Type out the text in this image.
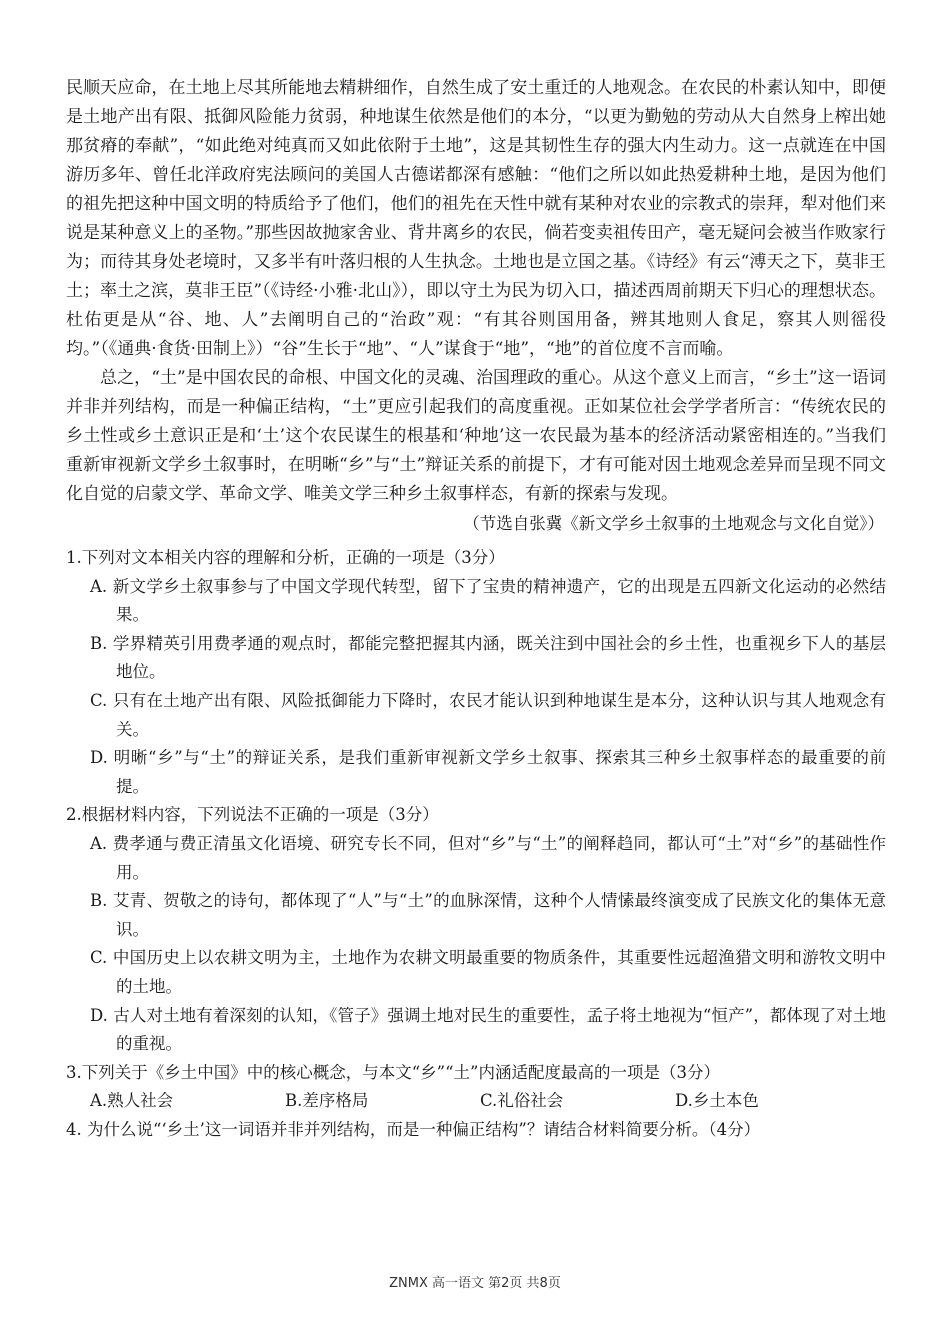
民顺天应命，在土地上尽其所能地去精耕细作，自然生成了安土重迁的人地观念。在农民的朴素认知中，即便是土地产出有限、抵御风险能力贫弱，种地谋生依然是他们的本分，“以更为勤勉的劳动从大自然身上榨出她那贫瘠的奉献”，“如此绝对纯真而又如此依附于土地”，这是其韧性生存的强大内生动力。这一点就连在中国游历多年、曾任北洋政府宪法顾问的美国人古德诺都深有感触：“他们之所以如此热爱耕种土地，是因为他们的祖先把这种中国文明的特质给予了他们，他们的祖先在天性中就有某种对农业的宗教式的崇拜，犁对他们来说是某种意义上的圣物。”那些因故抛家舍业、背井离乡的农民，倘若变卖祖传田产，毫无疑问会被当作败家行为；而待其身处老境时，又多半有叶落归根的人生执念。土地也是立国之基。《诗经》有云“溥天之下，莫非王土；率土之滨，莫非王臣”（《诗经·小雅·北山》），即以守土为民为切入口，描述西周前期天下归心的理想状态。杜佑更是从“谷、地、人”去阐明自己的“治政”观：“有其谷则国用备，辨其地则人食足，察其人则徭役均。”（《通典·食货·田制上》）“谷”生长于“地”、“人”谋食于“地”，“地”的首位度不言而喻。

总之，“土”是中国农民的命根、中国文化的灵魂、治国理政的重心。从这个意义上而言，“乡土”这一语词并非并列结构，而是一种偏正结构，“土”更应引起我们的高度重视。正如某位社会学学者所言：“传统农民的乡土性或乡土意识正是和‘土’这个农民谋生的根基和‘种地’这一农民最为基本的经济活动紧密相连的。”当我们重新审视新文学乡土叙事时，在明晰“乡”与“土”辩证关系的前提下，才有可能对因土地观念差异而呈现不同文化自觉的启蒙文学、革命文学、唯美文学三种乡土叙事样态，有新的探索与发现。

（节选自张冀《新文学乡土叙事的土地观念与文化自觉》）

1.下列对文本相关内容的理解和分析，正确的一项是（3分）

A. 新文学乡土叙事参与了中国文学现代转型，留下了宝贵的精神遗产，它的出现是五四新文化运动的必然结果。

B. 学界精英引用费孝通的观点时，都能完整把握其内涵，既关注到中国社会的乡土性，也重视乡下人的基层地位。

C. 只有在土地产出有限、风险抵御能力下降时，农民才能认识到种地谋生是本分，这种认识与其人地观念有关。

D. 明晰“乡”与“土”的辩证关系，是我们重新审视新文学乡土叙事、探索其三种乡土叙事样态的最重要的前提。

2.根据材料内容，下列说法不正确的一项是（3分）

A. 费孝通与费正清虽文化语境、研究专长不同，但对“乡”与“土”的阐释趋同，都认可“土”对“乡”的基础性作用。

B. 艾青、贺敬之的诗句，都体现了“人”与“土”的血脉深情，这种个人情愫最终演变成了民族文化的集体无意识。

C. 中国历史上以农耕文明为主，土地作为农耕文明最重要的物质条件，其重要性远超渔猎文明和游牧文明中的土地。

D. 古人对土地有着深刻的认知，《管子》强调土地对民生的重要性，孟子将土地视为“恒产”，都体现了对土地的重视。

3.下列关于《乡土中国》中的核心概念，与本文“乡”“土”内涵适配度最高的一项是（3分）

A.熟人社会	B.差序格局	C.礼俗社会	D.乡土本色

4. 为什么说“‘乡土’这一词语并非并列结构，而是一种偏正结构”？请结合材料简要分析。（4分）

ZNMX 高一语文 第2页 共8页
